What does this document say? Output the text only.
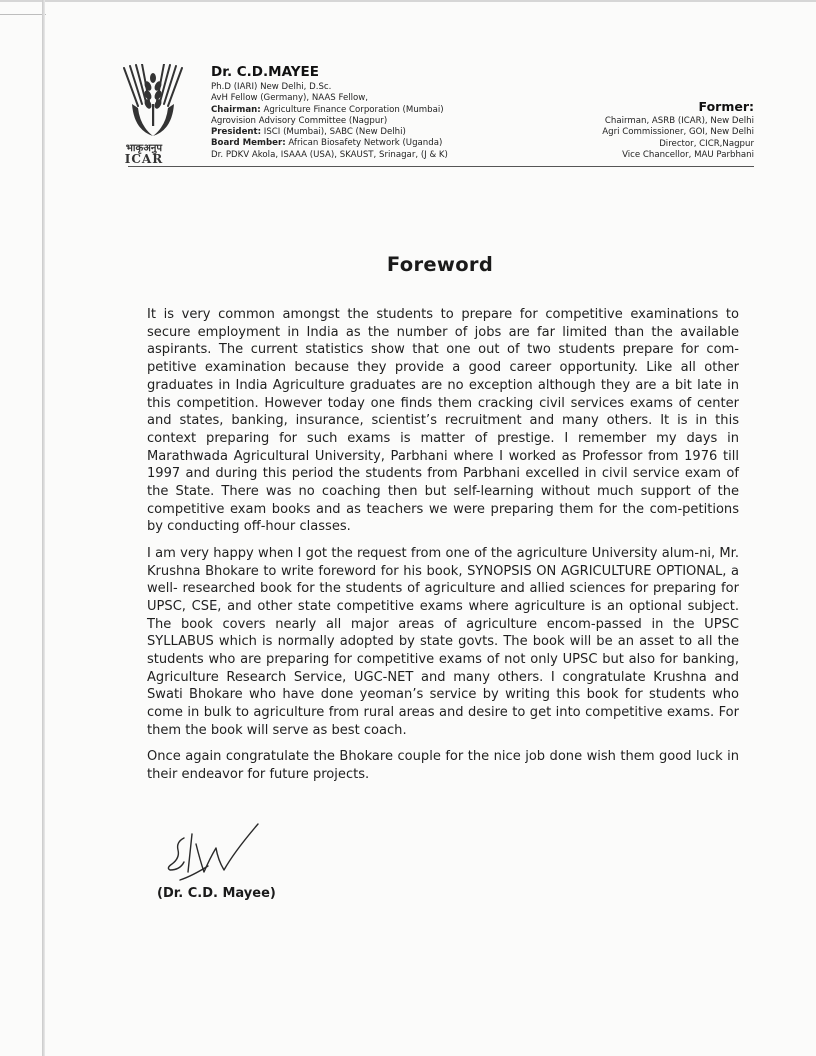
भाकृअनुप
ICAR
Dr. C.D.MAYEE
Ph.D (IARI) New Delhi, D.Sc.
AvH Fellow (Germany), NAAS Fellow,
Chairman: Agriculture Finance Corporation (Mumbai)
Agrovision Advisory Committee (Nagpur)
President: ISCI (Mumbai), SABC (New Delhi)
Board Member: African Biosafety Network (Uganda)
Dr. PDKV Akola, ISAAA (USA), SKAUST, Srinagar, (J & K)
Former:
Chairman, ASRB (ICAR), New Delhi
Agri Commissioner, GOI, New Delhi
Director, CICR,Nagpur
Vice Chancellor, MAU Parbhani
Foreword

It is very common amongst the students to prepare for competitive examinations to secure employment in India as the number of jobs are far limited than the available aspirants. The current statistics show that one out of two students prepare for com-petitive examination because they provide a good career opportunity. Like all other graduates in India Agriculture graduates are no exception although they are a bit late in this competition. However today one finds them cracking civil services exams of center and states, banking, insurance, scientist’s recruitment and many others. It is in this context preparing for such exams is matter of prestige. I remember my days in Marathwada Agricultural University, Parbhani where I worked as Professor from 1976 till 1997 and during this period the students from Parbhani excelled in civil service exam of the State. There was no coaching then but self-learning without much support of the competitive exam books and as teachers we were preparing them for the com-petitions by conducting off-hour classes.

I am very happy when I got the request from one of the agriculture University alum-ni, Mr. Krushna Bhokare to write foreword for his book, SYNOPSIS ON AGRICULTURE OPTIONAL, a well- researched book for the students of agriculture and allied sciences for preparing for UPSC, CSE, and other state competitive exams where agriculture is an optional subject. The book covers nearly all major areas of agriculture encom-passed in the UPSC SYLLABUS which is normally adopted by state govts. The book will be an asset to all the students who are preparing for competitive exams of not only UPSC but also for banking, Agriculture Research Service, UGC-NET and many others. I congratulate Krushna and Swati Bhokare who have done yeoman’s service by writing this book for students who come in bulk to agriculture from rural areas and desire to get into competitive exams. For them the book will serve as best coach.

Once again congratulate the Bhokare couple for the nice job done wish them good luck in their endeavor for future projects.

(Dr. C.D. Mayee)
